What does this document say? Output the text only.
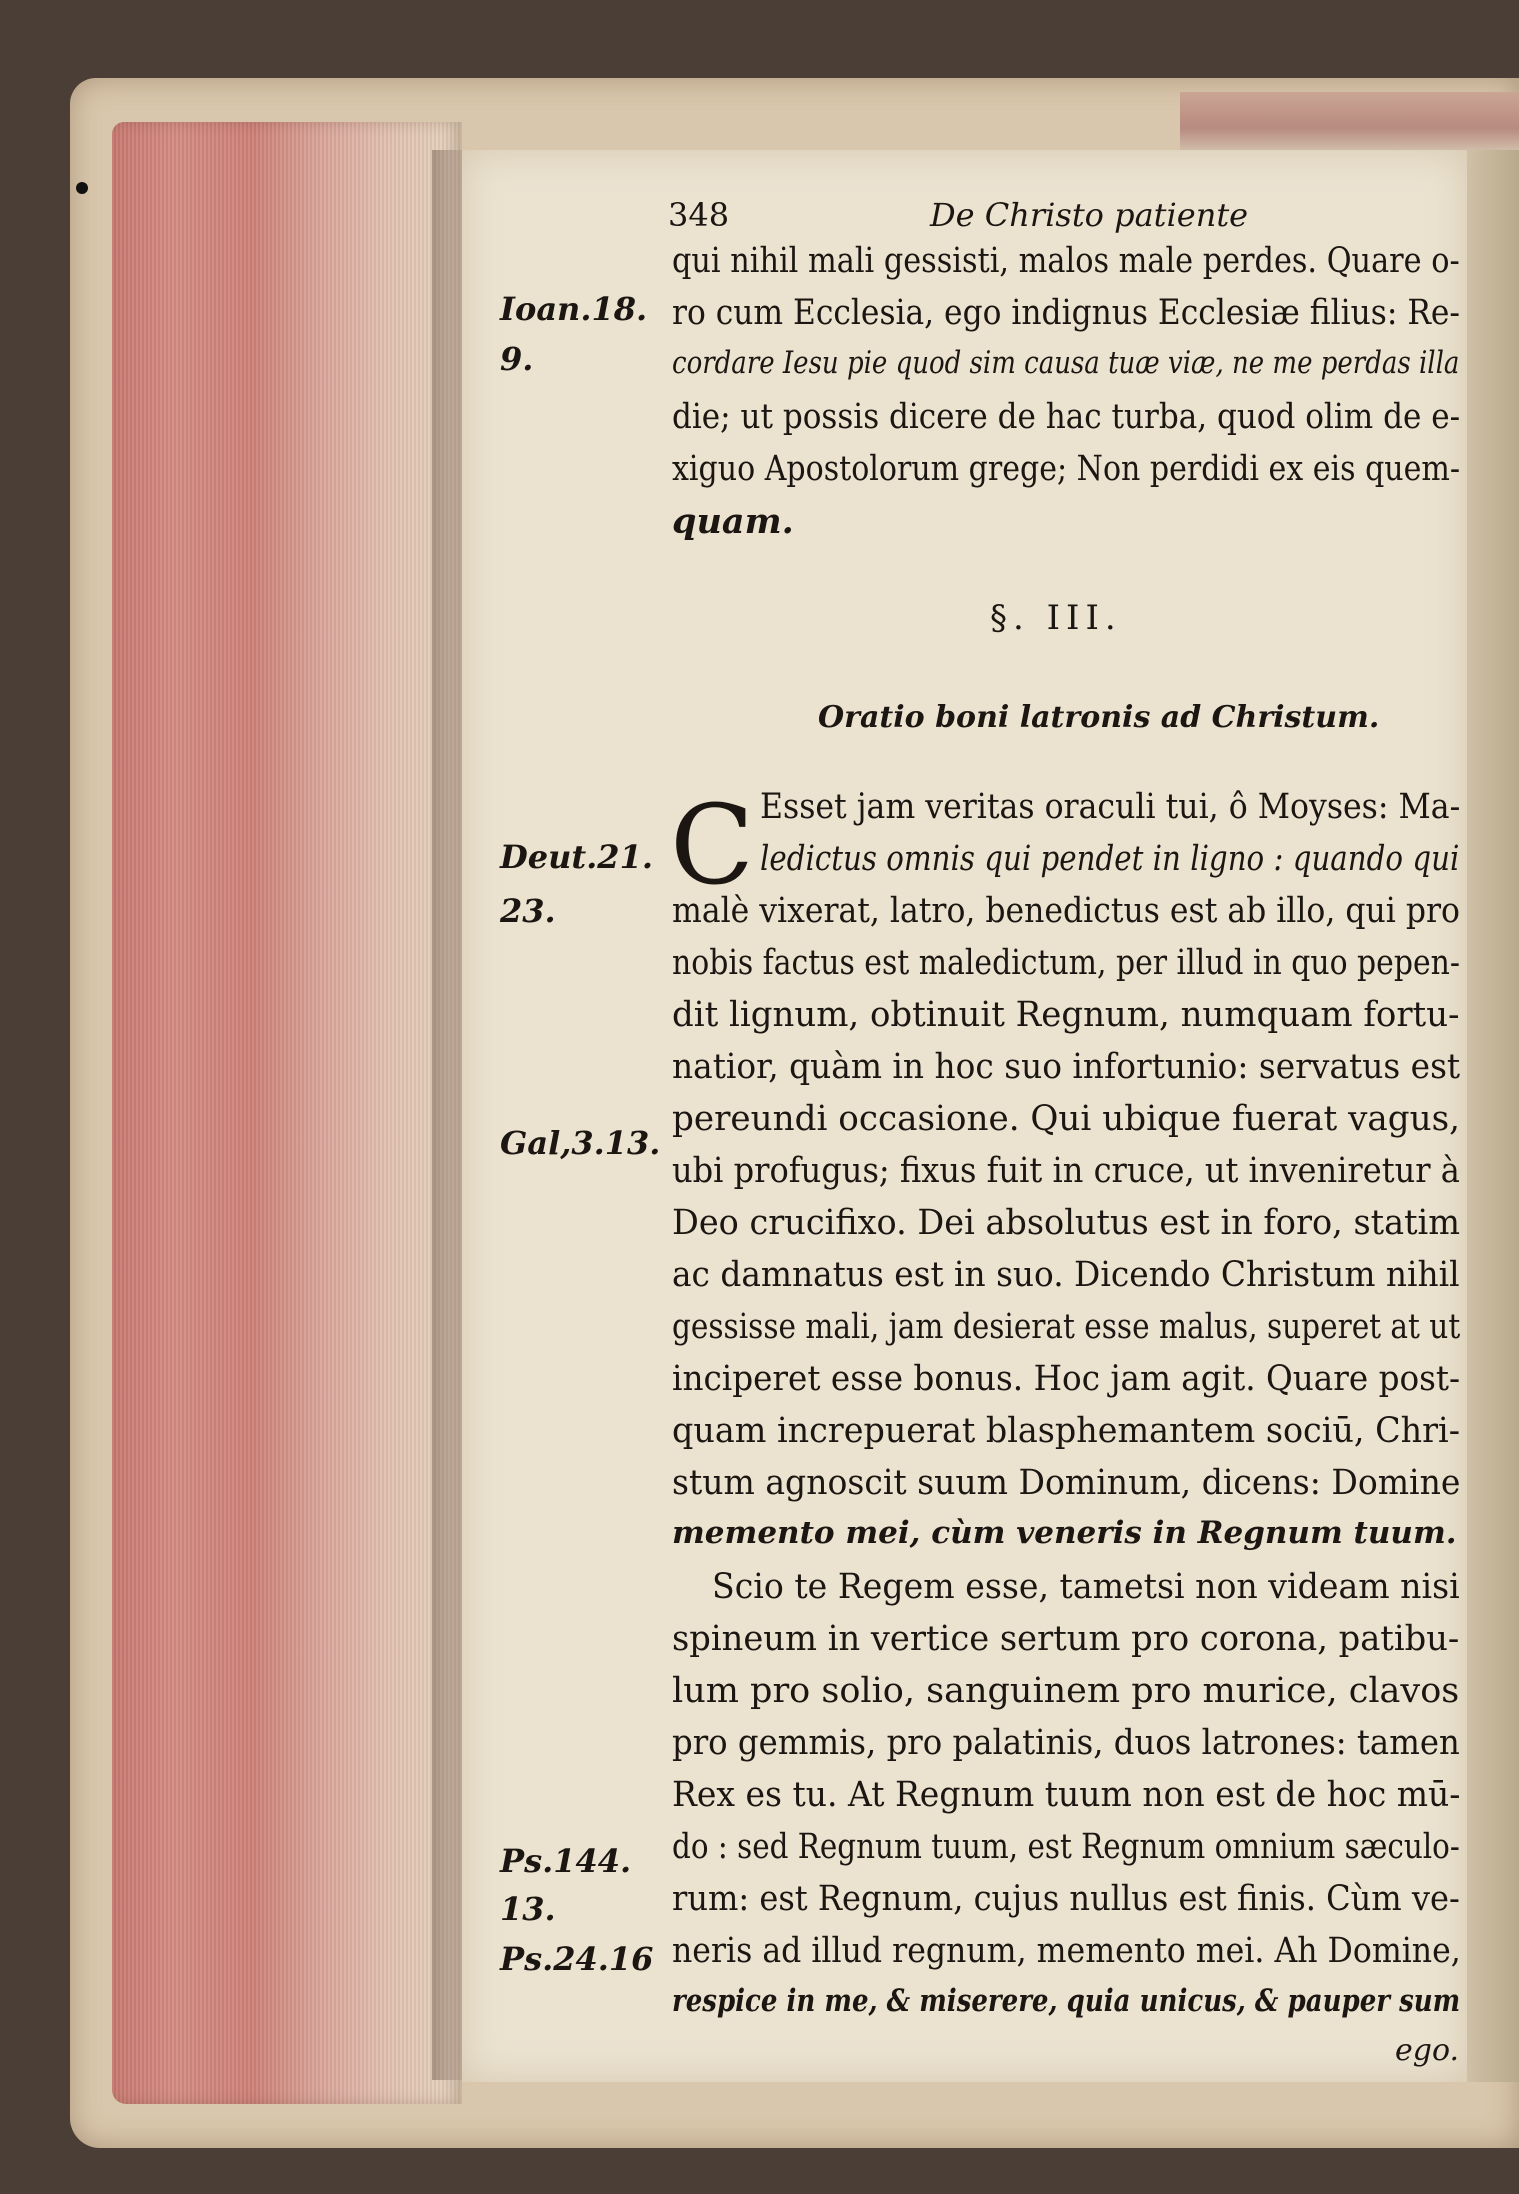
348	De Christo patiente
Ioan.18.
9.
Deut.21.
23.
Gal,3.13.
Ps.144.
13.
Ps.24.16
qui nihil mali gessisti, malos male perdes. Quare o-
ro cum Ecclesia, ego indignus Ecclesiæ filius: Re-
cordare Iesu pie quod sim causa tuæ viæ, ne me perdas illa
die; ut possis dicere de hac turba, quod olim de e-
xiguo Apostolorum grege; Non perdidi ex eis quem-
quam.
§. III.
Oratio boni latronis ad Christum.
C Esset jam veritas oraculi tui, ô Moyses: Ma-
ledictus omnis qui pendet in ligno : quando qui
malè vixerat, latro, benedictus est ab illo, qui pro
nobis factus est maledictum, per illud in quo pepen-
dit lignum, obtinuit Regnum, numquam fortu-
natior, quàm in hoc suo infortunio: servatus est
pereundi occasione. Qui ubique fuerat vagus,
ubi profugus; fixus fuit in cruce, ut inveniretur à
Deo crucifixo. Dei absolutus est in foro, statim
ac damnatus est in suo. Dicendo Christum nihil
gessisse mali, jam desierat esse malus, superet at ut
inciperet esse bonus. Hoc jam agit. Quare post-
quam increpuerat blasphemantem sociū, Chri-
stum agnoscit suum Dominum, dicens: Domine
memento mei, cùm veneris in Regnum tuum.
Scio te Regem esse, tametsi non videam nisi
spineum in vertice sertum pro corona, patibu-
lum pro solio, sanguinem pro murice, clavos
pro gemmis, pro palatinis, duos latrones: tamen
Rex es tu. At Regnum tuum non est de hoc mū-
do : sed Regnum tuum, est Regnum omnium sæculo-
rum: est Regnum, cujus nullus est finis. Cùm ve-
neris ad illud regnum, memento mei. Ah Domine,
respice in me, & miserere, quia unicus, & pauper sum
ego.
